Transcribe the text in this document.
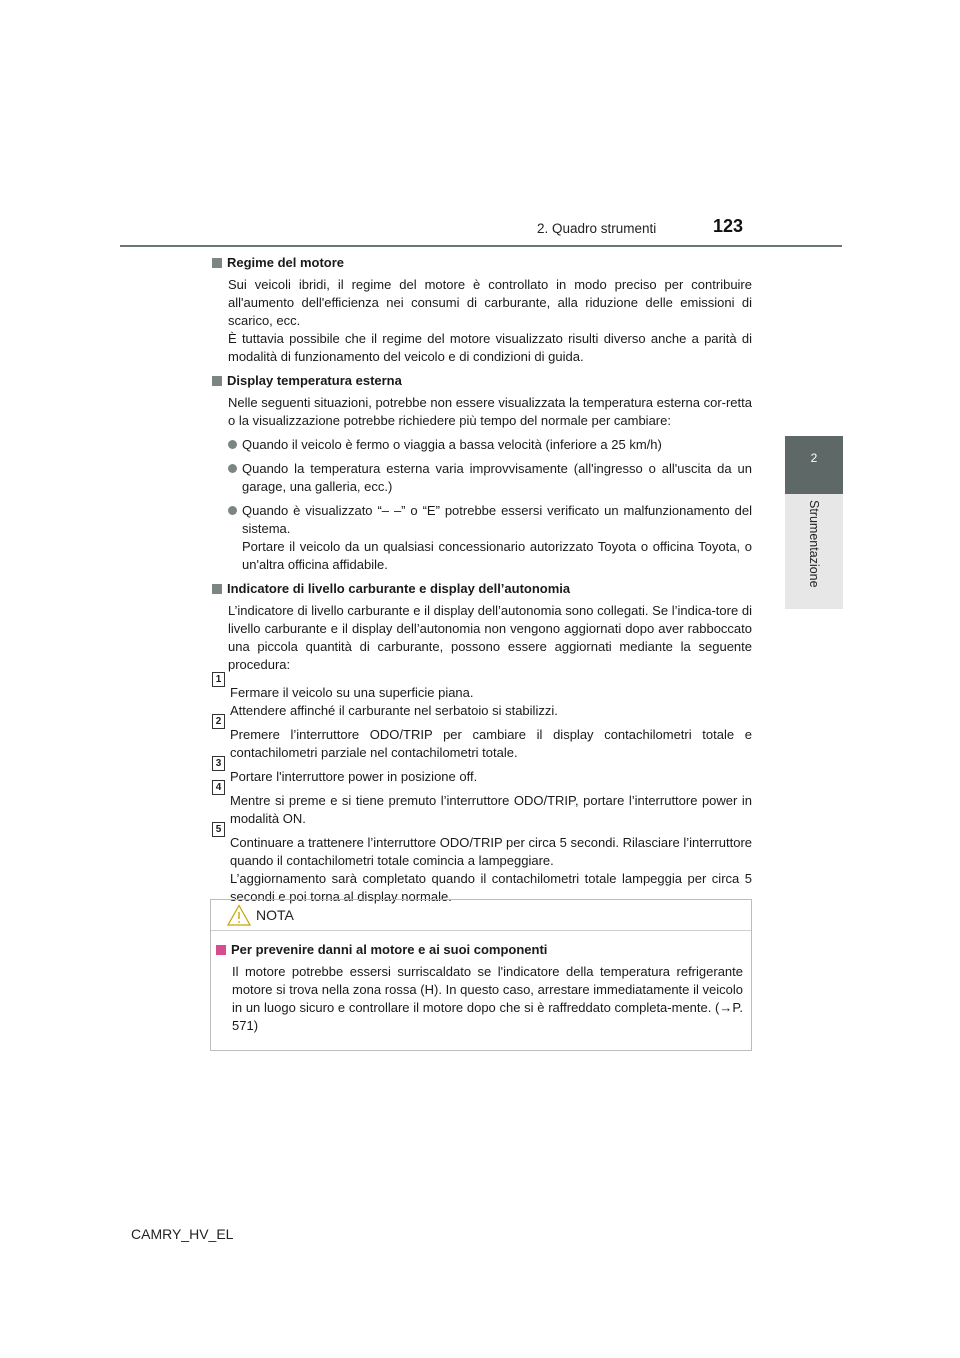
2. Quadro strumenti	123
2
Strumentazione
Regime del motore

Sui veicoli ibridi, il regime del motore è controllato in modo preciso per contribuire all'aumento dell'efficienza nei consumi di carburante, alla riduzione delle emissioni di scarico, ecc.

È tuttavia possibile che il regime del motore visualizzato risulti diverso anche a parità di modalità di funzionamento del veicolo e di condizioni di guida.

Display temperatura esterna

Nelle seguenti situazioni, potrebbe non essere visualizzata la temperatura esterna cor-retta o la visualizzazione potrebbe richiedere più tempo del normale per cambiare:

Quando il veicolo è fermo o viaggia a bassa velocità (inferiore a 25 km/h)
Quando la temperatura esterna varia improvvisamente (all'ingresso o all'uscita da un garage, una galleria, ecc.)
Quando è visualizzato “– –” o “E” potrebbe essersi verificato un malfunzionamento del sistema.
Portare il veicolo da un qualsiasi concessionario autorizzato Toyota o officina Toyota, o un'altra officina affidabile.
Indicatore di livello carburante e display dell’autonomia

L’indicatore di livello carburante e il display dell’autonomia sono collegati. Se l’indica-tore di livello carburante e il display dell’autonomia non vengono aggiornati dopo aver rabboccato una piccola quantità di carburante, possono essere aggiornati mediante la seguente procedura:

1
Fermare il veicolo su una superficie piana.
Attendere affinché il carburante nel serbatoio si stabilizzi.
2
Premere l’interruttore ODO/TRIP per cambiare il display contachilometri totale e contachilometri parziale nel contachilometri totale.
3
Portare l'interruttore power in posizione off.
4
Mentre si preme e si tiene premuto l’interruttore ODO/TRIP, portare l’interruttore power in modalità ON.
5
Continuare a trattenere l’interruttore ODO/TRIP per circa 5 secondi. Rilasciare l’interruttore quando il contachilometri totale comincia a lampeggiare.
L’aggiornamento sarà completato quando il contachilometri totale lampeggia per circa 5 secondi e poi torna al display normale.
NOTA
Per prevenire danni al motore e ai suoi componenti
Il motore potrebbe essersi surriscaldato se l'indicatore della temperatura refrigerante motore si trova nella zona rossa (H). In questo caso, arrestare immediatamente il veicolo in un luogo sicuro e controllare il motore dopo che si è raffreddato completa-mente. (→P. 571)
CAMRY_HV_EL
